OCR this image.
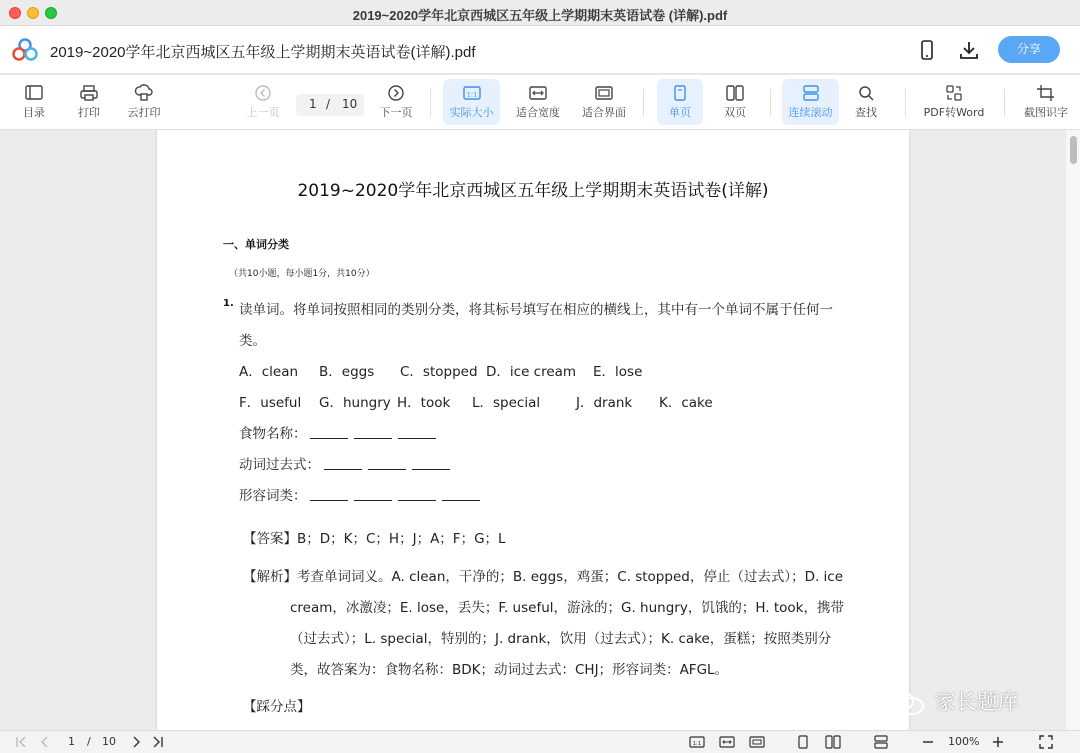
2019~2020学年北京西城区五年级上学期期末英语试卷 (详解).pdf
2019~2020学年北京西城区五年级上学期期末英语试卷(详解).pdf	分享
目录	打印	云打印	上一页
1 / 10
下一页
1:1
实际大小	适合宽度	适合界面	单页	双页	连续滚动	查找	PDF转Word	截图识字
2019~2020学年北京西城区五年级上学期期末英语试卷(详解)
一、单词分类
（共10小题，每小题1分，共10分）
1. 读单词。将单词按照相同的类别分类，将其标号填写在相应的横线上，其中有一个单词不属于任何一
类。
A．clean B．eggs C．stopped D．ice cream E．lose
F．useful G．hungry H．took L．special	J．drank K．cake
食物名称：
动词过去式：
形容词类：
【答案】B；D；K；C；H；J；A；F；G；L
【解析】考查单词词义。A. clean，干净的；B. eggs，鸡蛋；C. stopped，停止（过去式）；D. ice
cream，冰激凌；E. lose，丢失；F. useful，游泳的；G. hungry，饥饿的；H. took，携带
（过去式）；L. special，特别的；J. drank，饮用（过去式）；K. cake，蛋糕；按照类别分
类，故答案为：食物名称：BDK；动词过去式：CHJ；形容词类：AFGL。
【踩分点】	家长题库
1 / 10	1:1	100%
